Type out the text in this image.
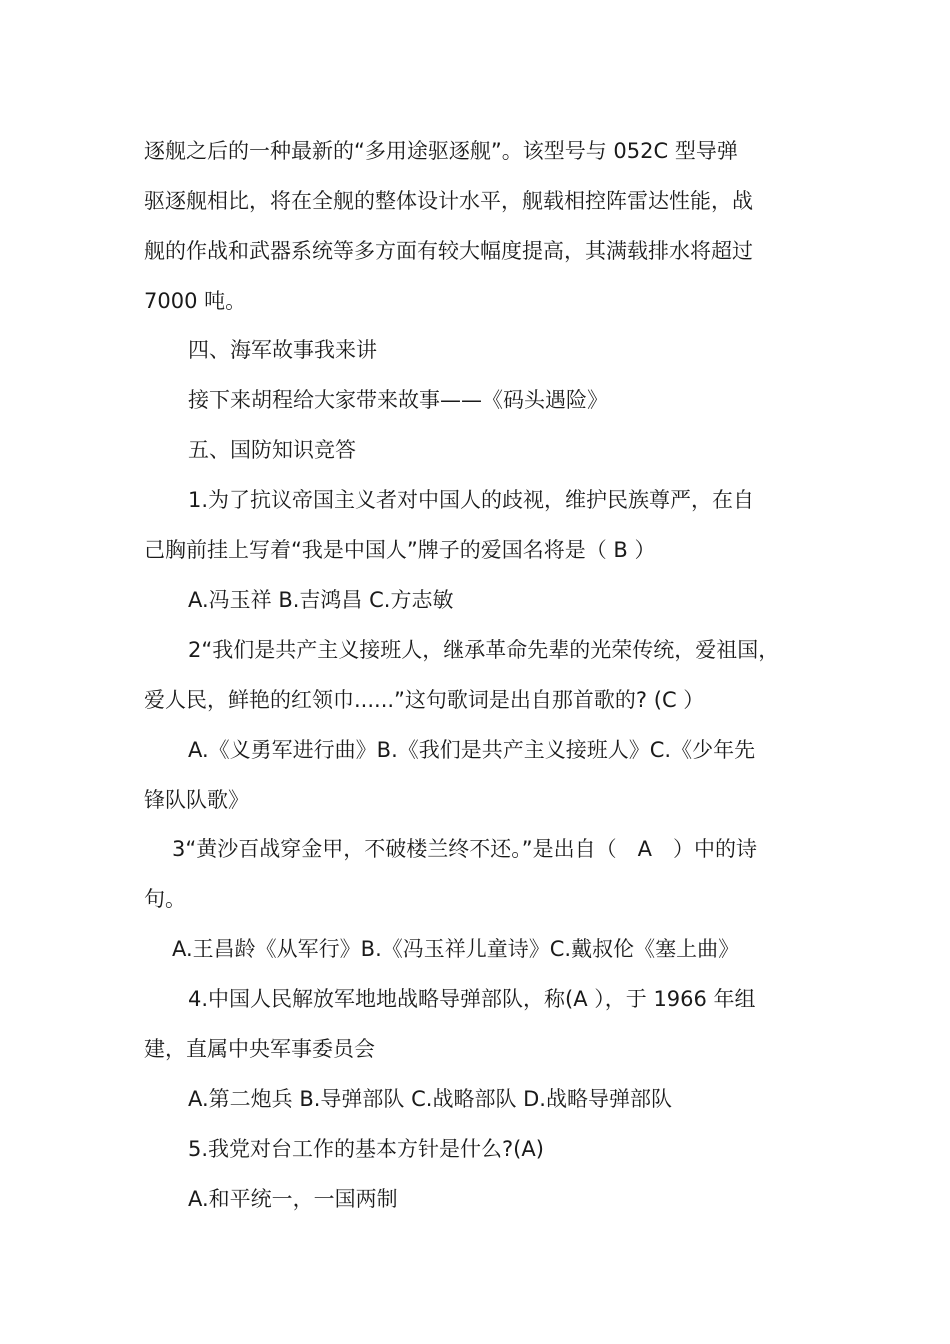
逐舰之后的一种最新的“多用途驱逐舰”。该型号与 052C 型导弹
驱逐舰相比，将在全舰的整体设计水平，舰载相控阵雷达性能，战
舰的作战和武器系统等多方面有较大幅度提高，其满载排水将超过
7000 吨。
四、海军故事我来讲
接下来胡程给大家带来故事——《码头遇险》
五、国防知识竞答
1.为了抗议帝国主义者对中国人的歧视，维护民族尊严，在自
己胸前挂上写着“我是中国人”牌子的爱国名将是（ B ）
A.冯玉祥 B.吉鸿昌 C.方志敏
2“我们是共产主义接班人，继承革命先辈的光荣传统，爱祖国，
爱人民，鲜艳的红领巾......”这句歌词是出自那首歌的? (C ）
A.《义勇军进行曲》B.《我们是共产主义接班人》C.《少年先
锋队队歌》
3“黄沙百战穿金甲，不破楼兰终不还。”是出自（　A　）中的诗
句。
A.王昌龄《从军行》B.《冯玉祥儿童诗》C.戴叔伦《塞上曲》
4.中国人民解放军地地战略导弹部队，称(A ），于 1966 年组
建，直属中央军事委员会
A.第二炮兵 B.导弹部队 C.战略部队 D.战略导弹部队
5.我党对台工作的基本方针是什么?(A)
A.和平统一，一国两制
